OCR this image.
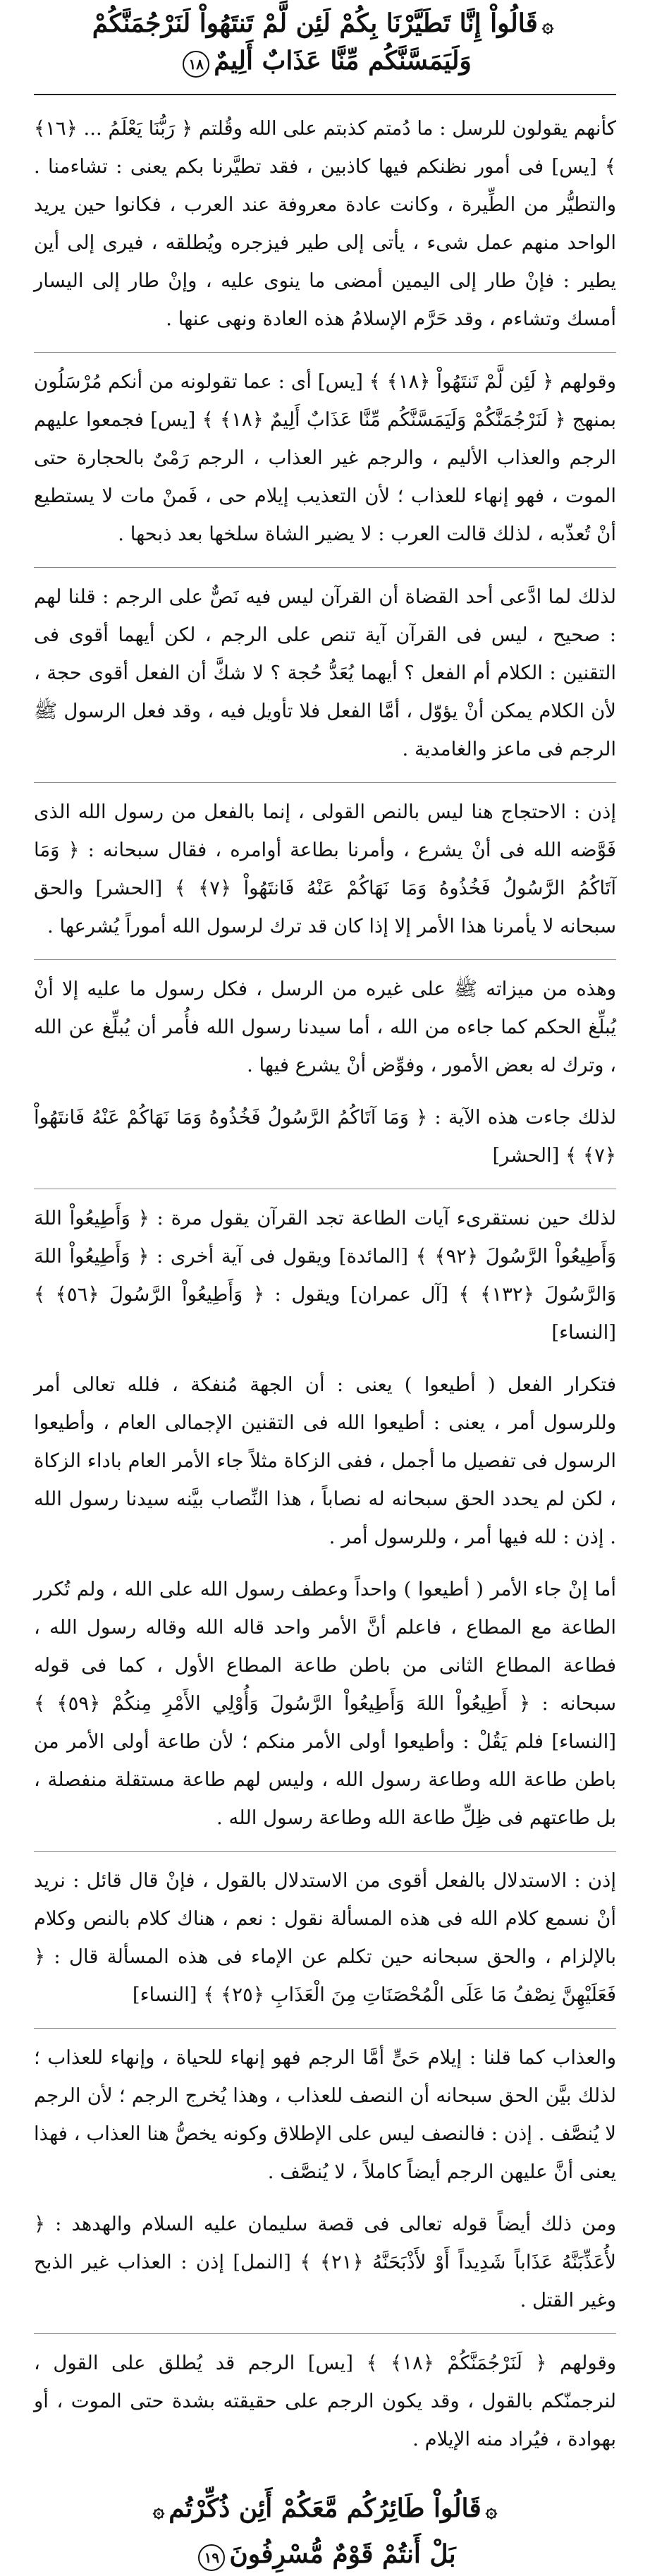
۞قَالُواْ إِنَّا تَطَيَّرْنَا بِكُمْ لَئِن لَّمْ تَنتَهُواْ لَنَرْجُمَنَّكُمْ
وَلَيَمَسَّنَّكُم مِّنَّا عَذَابٌ أَلِيمٌ١٨

كأنهم يقولون للرسل : ما دُمتم كذبتم على الله وقُلتم ﴿ رَبُّنَا يَعْلَمُ ... ﴿١٦﴾ ﴾ [يس] فى أمور نظنكم فيها كاذبين ، فقد تطيَّرنا بكم يعنى : تشاءمنا . والتطيُّر من الطِّيرة ، وكانت عادة معروفة عند العرب ، فكانوا حين يريد الواحد منهم عمل شىء ، يأتى إلى طير فيزجره ويُطلقه ، فيرى إلى أين يطير : فإنْ طار إلى اليمين أمضى ما ينوى عليه ، وإنْ طار إلى اليسار أمسك وتشاءم ، وقد حَرَّم الإسلامُ هذه العادة ونهى عنها .

وقولهم ﴿ لَئِن لَّمْ تَنتَهُواْ ﴿١٨﴾ ﴾ [يس] أى : عما تقولونه من أنكم مُرْسَلُون بمنهج ﴿ لَنَرْجُمَنَّكُمْ وَلَيَمَسَّنَّكُم مِّنَّا عَذَابٌ أَلِيمٌ ﴿١٨﴾ ﴾ [يس] فجمعوا عليهم الرجم والعذاب الأليم ، والرجم غير العذاب ، الرجم رَمْىٌ بالحجارة حتى الموت ، فهو إنهاء للعذاب ؛ لأن التعذيب إيلام حى ، فَمنْ مات لا يستطيع أنْ تُعذّبه ، لذلك قالت العرب : لا يضير الشاة سلخها بعد ذبحها .

لذلك لما ادَّعى أحد القضاة أن القرآن ليس فيه نَصٌّ على الرجم : قلنا لهم : صحيح ، ليس فى القرآن آية تنص على الرجم ، لكن أيهما أقوى فى التقنين : الكلام أم الفعل ؟ أيهما يُعَدُّ حُجة ؟ لا شكَّ أن الفعل أقوى حجة ، لأن الكلام يمكن أنْ يؤوّل ، أمَّا الفعل فلا تأويل فيه ، وقد فعل الرسول ﷺ الرجم فى ماعز والغامدية .

إذن : الاحتجاج هنا ليس بالنص القولى ، إنما بالفعل من رسول الله الذى فَوَّضه الله فى أنْ يشرع ، وأمرنا بطاعة أوامره ، فقال سبحانه : ﴿ وَمَا آتَاكُمُ الرَّسُولُ فَخُذُوهُ وَمَا نَهَاكُمْ عَنْهُ فَانتَهُواْ ﴿٧﴾ ﴾ [الحشر] والحق سبحانه لا يأمرنا هذا الأمر إلا إذا كان قد ترك لرسول الله أموراً يُشرعها .

وهذه من ميزاته ﷺ على غيره من الرسل ، فكل رسول ما عليه إلا أنْ يُبلِّغ الحكم كما جاءه من الله ، أما سيدنا رسول الله فأُمر أن يُبلِّغ عن الله ، وترك له بعض الأمور ، وفوِّض أنْ يشرع فيها .

لذلك جاءت هذه الآية : ﴿ وَمَا آتَاكُمُ الرَّسُولُ فَخُذُوهُ وَمَا نَهَاكُمْ عَنْهُ فَانتَهُواْ ﴿٧﴾ ﴾ [الحشر]

لذلك حين نستقرىء آيات الطاعة تجد القرآن يقول مرة : ﴿ وَأَطِيعُواْ اللهَ وَأَطِيعُواْ الرَّسُولَ ﴿٩٢﴾ ﴾ [المائدة] ويقول فى آية أخرى : ﴿ وَأَطِيعُواْ اللهَ وَالرَّسُولَ ﴿١٣٢﴾ ﴾ [آل عمران] ويقول : ﴿ وَأَطِيعُواْ الرَّسُولَ ﴿٥٦﴾ ﴾ [النساء]

فتكرار الفعل ( أطيعوا ) يعنى : أن الجهة مُنفكة ، فلله تعالى أمر وللرسول أمر ، يعنى : أطيعوا الله فى التقنين الإجمالى العام ، وأطيعوا الرسول فى تفصيل ما أجمل ، ففى الزكاة مثلاً جاء الأمر العام باداء الزكاة ، لكن لم يحدد الحق سبحانه له نصاباً ، هذا النِّصاب بيَّنه سيدنا رسول الله . إذن : لله فيها أمر ، وللرسول أمر .

أما إنْ جاء الأمر ( أطيعوا ) واحداً وعطف رسول الله على الله ، ولم تُكرر الطاعة مع المطاع ، فاعلم أنَّ الأمر واحد قاله الله وقاله رسول الله ، فطاعة المطاع الثانى من باطن طاعة المطاع الأول ، كما فى قوله سبحانه : ﴿ أَطِيعُواْ اللهَ وَأَطِيعُواْ الرَّسُولَ وَأُوْلِي الأَمْرِ مِنكُمْ ﴿٥٩﴾ ﴾ [النساء] فلم يَقُلْ : وأطيعوا أولى الأمر منكم ؛ لأن طاعة أولى الأمر من باطن طاعة الله وطاعة رسول الله ، وليس لهم طاعة مستقلة منفصلة ، بل طاعتهم فى ظِلِّ طاعة الله وطاعة رسول الله .

إذن : الاستدلال بالفعل أقوى من الاستدلال بالقول ، فإنْ قال قائل : نريد أنْ نسمع كلام الله فى هذه المسألة نقول : نعم ، هناك كلام بالنص وكلام بالإلزام ، والحق سبحانه حين تكلم عن الإماء فى هذه المسألة قال : ﴿ فَعَلَيْهِنَّ نِصْفُ مَا عَلَى الْمُحْصَنَاتِ مِنَ الْعَذَابِ ﴿٢٥﴾ ﴾ [النساء]

والعذاب كما قلنا : إيلام حَىٍّ أمَّا الرجم فهو إنهاء للحياة ، وإنهاء للعذاب ؛ لذلك بيَّن الحق سبحانه أن النصف للعذاب ، وهذا يُخرج الرجم ؛ لأن الرجم لا يُنصَّف . إذن : فالنصف ليس على الإطلاق وكونه يخصُّ هنا العذاب ، فهذا يعنى أنَّ عليهن الرجم أيضاً كاملاً ، لا يُنصَّف .

ومن ذلك أيضاً قوله تعالى فى قصة سليمان عليه السلام والهدهد : ﴿ لأُعَذِّبَنَّهُ عَذَاباً شَدِيداً أَوْ لأَذْبَحَنَّهُ ﴿٢١﴾ ﴾ [النمل] إذن : العذاب غير الذبح وغير القتل .

وقولهم ﴿ لَنَرْجُمَنَّكُمْ ﴿١٨﴾ ﴾ [يس] الرجم قد يُطلق على القول ، لنرجمنّكم بالقول ، وقد يكون الرجم على حقيقته بشدة حتى الموت ، أو بهوادة ، فيُراد منه الإيلام .

۞قَالُواْ طَائِرُكُم مَّعَكُمْ أَئِن ذُكِّرْتُم۞
بَلْ أَنتُمْ قَوْمٌ مُّسْرِفُونَ١٩
